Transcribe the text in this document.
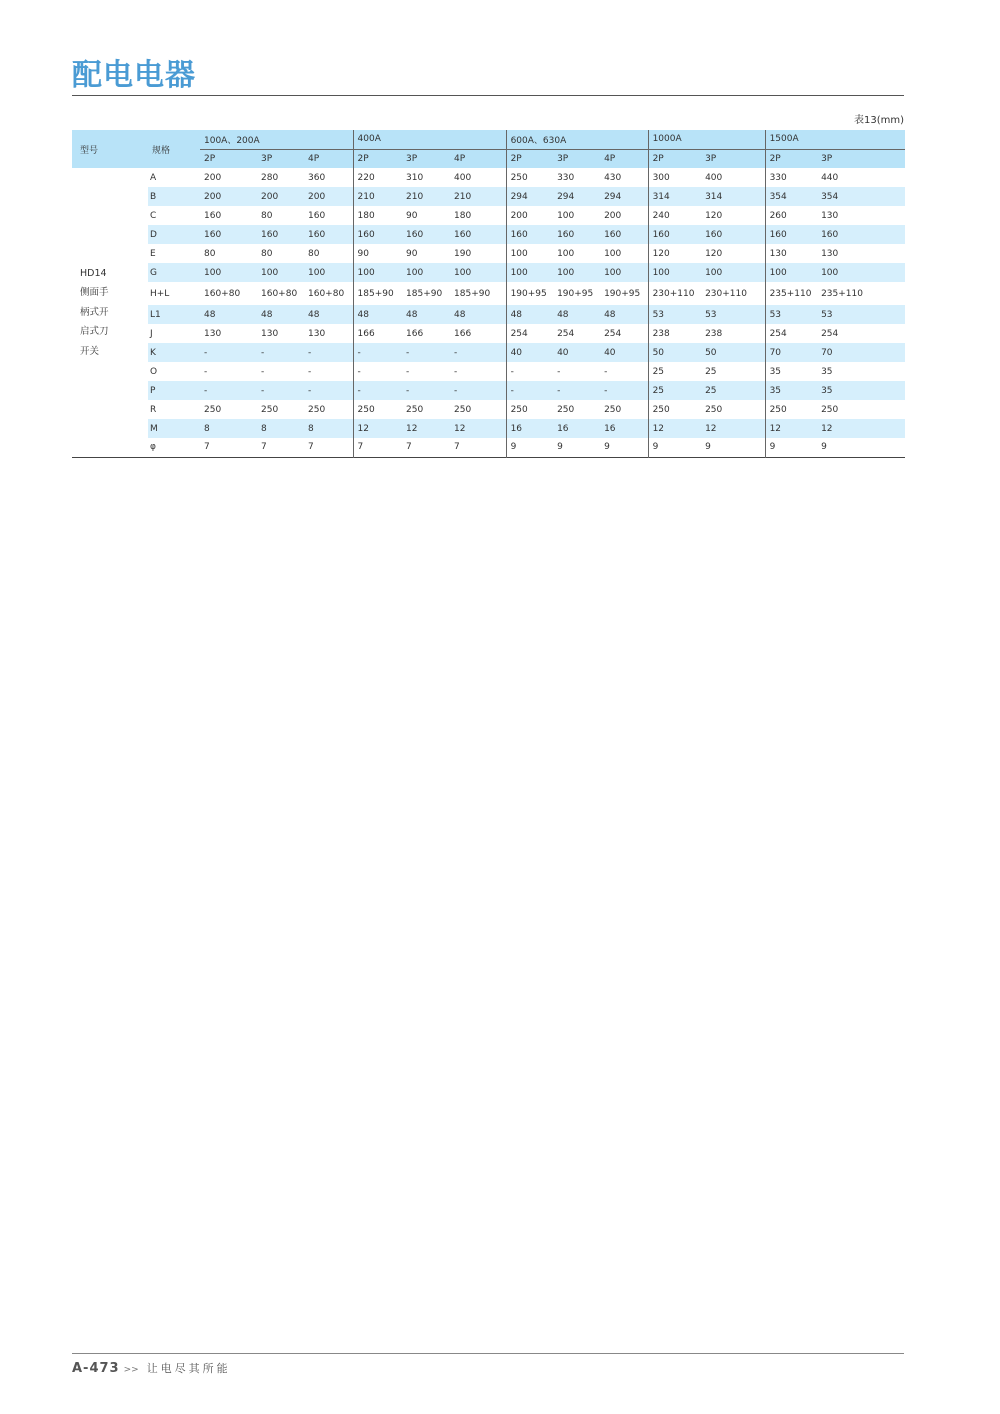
配电电器
表13(mm)
型号	规格	100A、200A			400A			600A、630A			1000A		1500A	
		2P	3P	4P	2P	3P	4P	2P	3P	4P	2P	3P	2P	3P

HD14
侧面手
柄式开
启式刀
开关	A	200	280	360	220	310	400	250	330	430	300	400	330	440
	B	200	200	200	210	210	210	294	294	294	314	314	354	354
	C	160	80	160	180	90	180	200	100	200	240	120	260	130
	D	160	160	160	160	160	160	160	160	160	160	160	160	160
	E	80	80	80	90	90	190	100	100	100	120	120	130	130
	G	100	100	100	100	100	100	100	100	100	100	100	100	100
	H+L	160+80	160+80	160+80	185+90	185+90	185+90	190+95	190+95	190+95	230+110	230+110	235+110	235+110
	L1	48	48	48	48	48	48	48	48	48	53	53	53	53
	J	130	130	130	166	166	166	254	254	254	238	238	254	254
	K	-	-	-	-	-	-	40	40	40	50	50	70	70
	O	-	-	-	-	-	-	-	-	-	25	25	35	35
	P	-	-	-	-	-	-	-	-	-	25	25	35	35
	R	250	250	250	250	250	250	250	250	250	250	250	250	250
	M	8	8	8	12	12	12	16	16	16	12	12	12	12
	φ	7	7	7	7	7	7	9	9	9	9	9	9	9
A-473 >> 让电尽其所能
